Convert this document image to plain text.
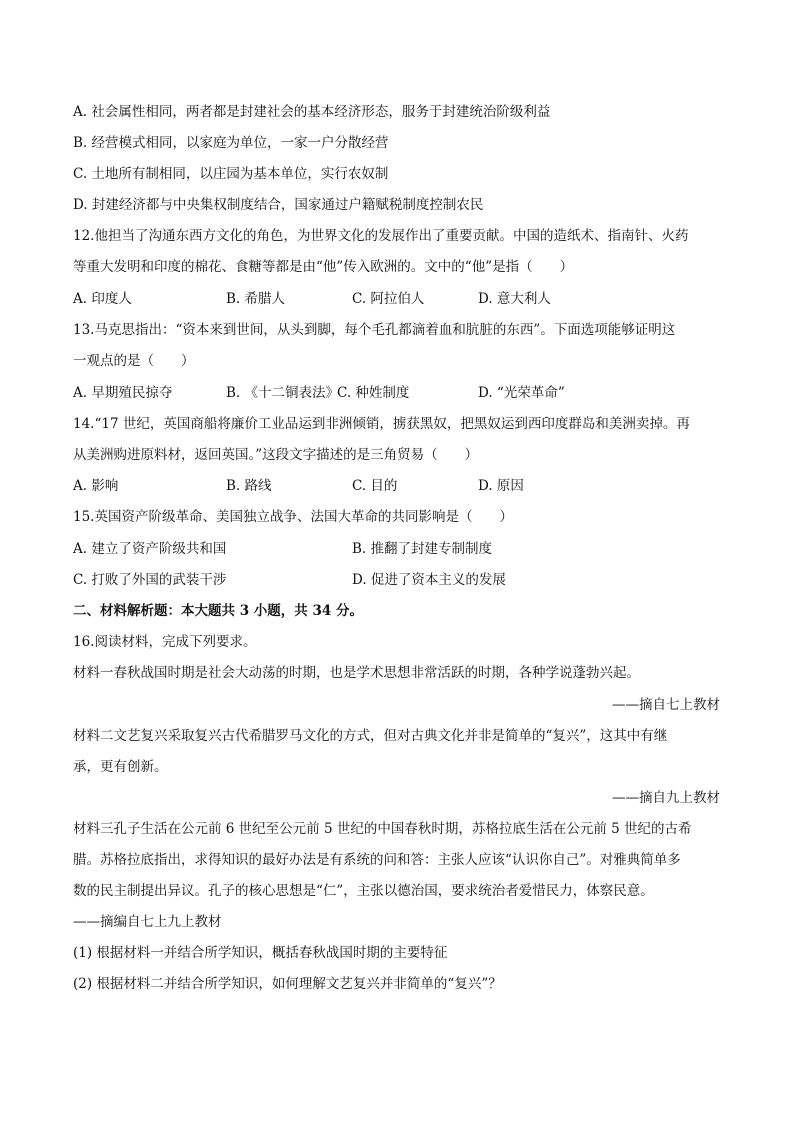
A. 社会属性相同，两者都是封建社会的基本经济形态，服务于封建统治阶级利益
B. 经营模式相同，以家庭为单位，一家一户分散经营
C. 土地所有制相同，以庄园为基本单位，实行农奴制
D. 封建经济都与中央集权制度结合，国家通过户籍赋税制度控制农民
12.他担当了沟通东西方文化的角色，为世界文化的发展作出了重要贡献。中国的造纸术、指南针、火药
等重大发明和印度的棉花、食糖等都是由“他”传入欧洲的。文中的“他”是指（　　）
A. 印度人	B. 希腊人	C. 阿拉伯人	D. 意大利人
13.马克思指出：“资本来到世间，从头到脚，每个毛孔都滴着血和肮脏的东西”。下面选项能够证明这
一观点的是（　　）
A. 早期殖民掠夺	B. 《十二铜表法》
C. 种姓制度	D. “光荣革命”
14.“17 世纪，英国商船将廉价工业品运到非洲倾销，掳获黑奴，把黑奴运到西印度群岛和美洲卖掉。再
从美洲购进原料材，返回英国。”这段文字描述的是三角贸易（　　）
A. 影响	B. 路线	C. 目的	D. 原因
15.英国资产阶级革命、美国独立战争、法国大革命的共同影响是（　　）
A. 建立了资产阶级共和国	B. 推翻了封建专制制度
C. 打败了外国的武装干涉	D. 促进了资本主义的发展
二、材料解析题：本大题共 3 小题，共 34 分。
16.阅读材料，完成下列要求。
材料一春秋战国时期是社会大动荡的时期，也是学术思想非常活跃的时期，各种学说蓬勃兴起。
——摘自七上教材
材料二文艺复兴采取复兴古代希腊罗马文化的方式，但对古典文化并非是简单的“复兴”，这其中有继
承，更有创新。
——摘自九上教材
材料三孔子生活在公元前 6 世纪至公元前 5 世纪的中国春秋时期，苏格拉底生活在公元前 5 世纪的古希
腊。苏格拉底指出，求得知识的最好办法是有系统的问和答：主张人应该“认识你自己”。对雅典简单多
数的民主制提出异议。孔子的核心思想是“仁”，主张以德治国，要求统治者爱惜民力，体察民意。
——摘编自七上九上教材
(1) 根据材料一并结合所学知识，概括春秋战国时期的主要特征
(2) 根据材料二并结合所学知识，如何理解文艺复兴并非简单的“复兴”？
